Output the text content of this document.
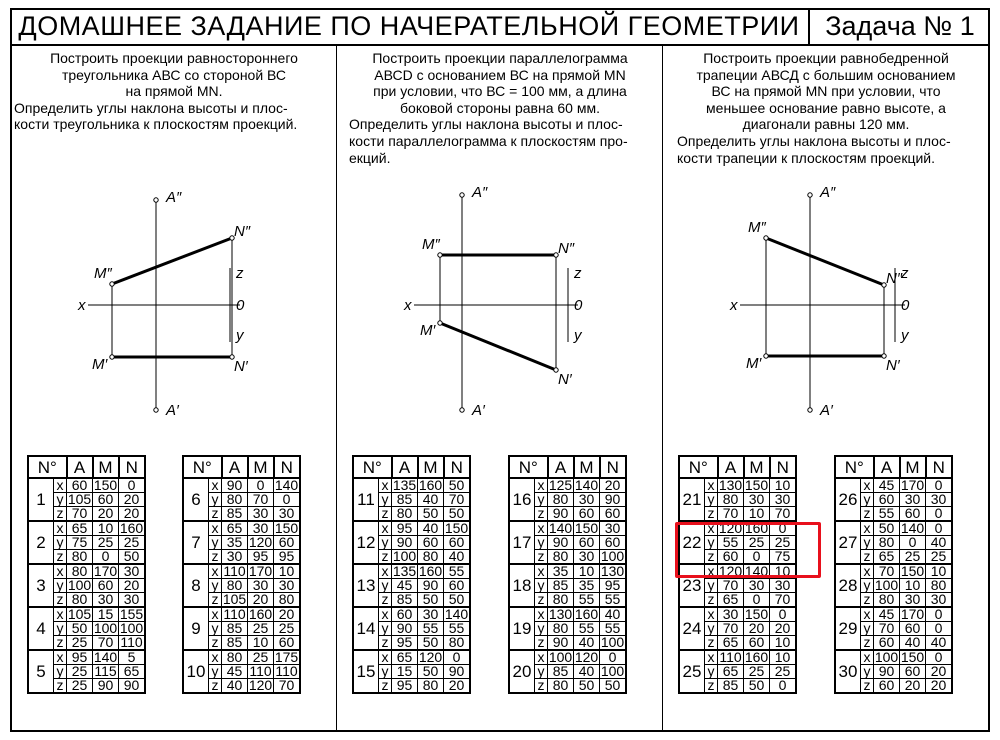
ДОМАШНЕЕ ЗАДАНИЕ ПО НАЧЕРАТЕЛЬНОЙ ГЕОМЕТРИИ Задача № 1
Построить проекции равностороннего
треугольника АВС со стороной ВС
на прямой MN.
Определить углы наклона высоты и плос-
кости треугольника к плоскостям проекций.
Построить проекции параллелограмма
АВСD с основанием ВС на прямой MN
при условии, что ВС = 100 мм, а длина
боковой стороны равна 60 мм.
Определить углы наклона высоты и плос-
кости параллелограмма к плоскостям про-
екций.
Построить проекции равнобедренной
трапеции АВСД с большим основанием
ВС на прямой MN при условии, что
меньшее основание равно высоте, а
диагонали равны 120 мм.
Определить углы наклона высоты и плос-
кости трапеции к плоскостям проекций.
A″
A′
M″
N″
M′	N′
x
z
0
y
A″
A′
M″	N″
M′
N′
x
z
0
y
A″
A′
M″
N″
M′	N′
x
z
0
y
N°		A	M	N
1	x	60	150	0
	y	105	60	20
	z	70	20	20
2	x	65	10	160
	y	75	25	25
	z	80	0	50
3	x	80	170	30
	y	100	60	20
	z	80	30	30
4	x	105	15	155
	y	50	100	100
	z	25	70	110
5	x	95	140	5
	y	25	115	65
	z	25	90	90
N°		A	M	N
6	x	90	0	140
	y	80	70	0
	z	85	30	30
7	x	65	30	150
	y	35	120	60
	z	30	95	95
8	x	110	170	10
	y	80	30	30
	z	105	20	80
9	x	110	160	20
	y	85	25	25
	z	85	10	60
10	x	80	25	175
	y	45	110	110
	z	40	120	70
N°		A	M	N
11	x	135	160	50
	y	85	40	70
	z	80	50	50
12	x	95	40	150
	y	90	60	60
	z	100	80	40
13	x	135	160	55
	y	45	90	60
	z	85	50	50
14	x	60	30	140
	y	90	55	55
	z	95	50	80
15	x	65	120	0
	y	15	50	90
	z	95	80	20
N°		A	M	N
16	x	125	140	20
	y	80	30	90
	z	90	60	60
17	x	140	150	30
	y	90	60	60
	z	80	30	100
18	x	35	10	130
	y	85	35	95
	z	80	55	55
19	x	130	160	40
	y	80	55	55
	z	90	40	100
20	x	100	120	0
	y	85	40	100
	z	80	50	50
N°		A	M	N
21	x	130	150	10
	y	80	30	30
	z	70	10	70
22	x	120	160	0
	y	55	25	25
	z	60	0	75
23	x	120	140	10
	y	70	30	30
	z	65	0	70
24	x	30	150	0
	y	70	20	20
	z	65	60	10
25	x	110	160	10
	y	65	25	25
	z	85	50	0
N°		A	M	N
26	x	45	170	0
	y	60	30	30
	z	55	60	0
27	x	50	140	0
	y	80	0	40
	z	65	25	25
28	x	70	150	10
	y	100	10	80
	z	80	30	30
29	x	45	170	0
	y	70	60	0
	z	60	40	40
30	x	100	150	0
	y	90	60	20
	z	60	20	20
